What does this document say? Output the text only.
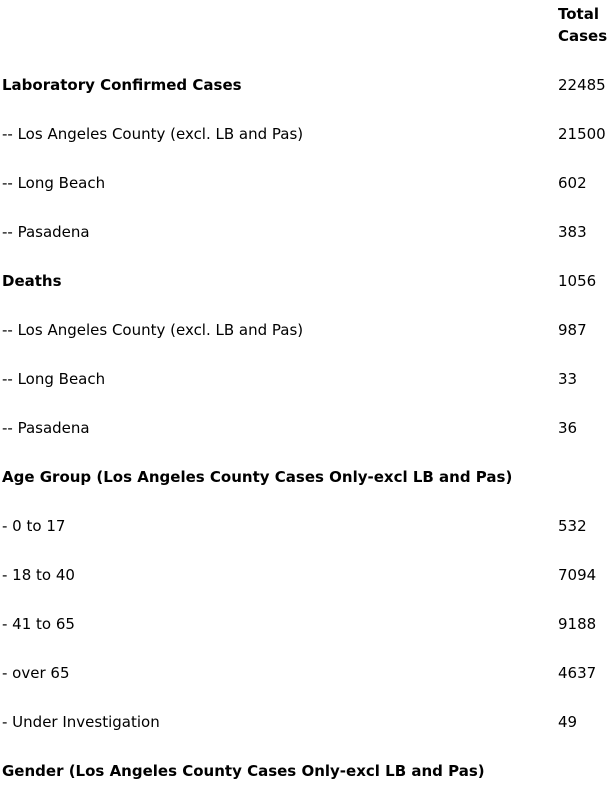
Total Cases
Laboratory Confirmed Cases	22485
-- Los Angeles County (excl. LB and Pas)	21500
-- Long Beach	602
-- Pasadena	383
Deaths	1056
-- Los Angeles County (excl. LB and Pas)	987
-- Long Beach	33
-- Pasadena	36
Age Group (Los Angeles County Cases Only-excl LB and Pas)
- 0 to 17	532
- 18 to 40	7094
- 41 to 65	9188
- over 65	4637
- Under Investigation	49
Gender (Los Angeles County Cases Only-excl LB and Pas)
